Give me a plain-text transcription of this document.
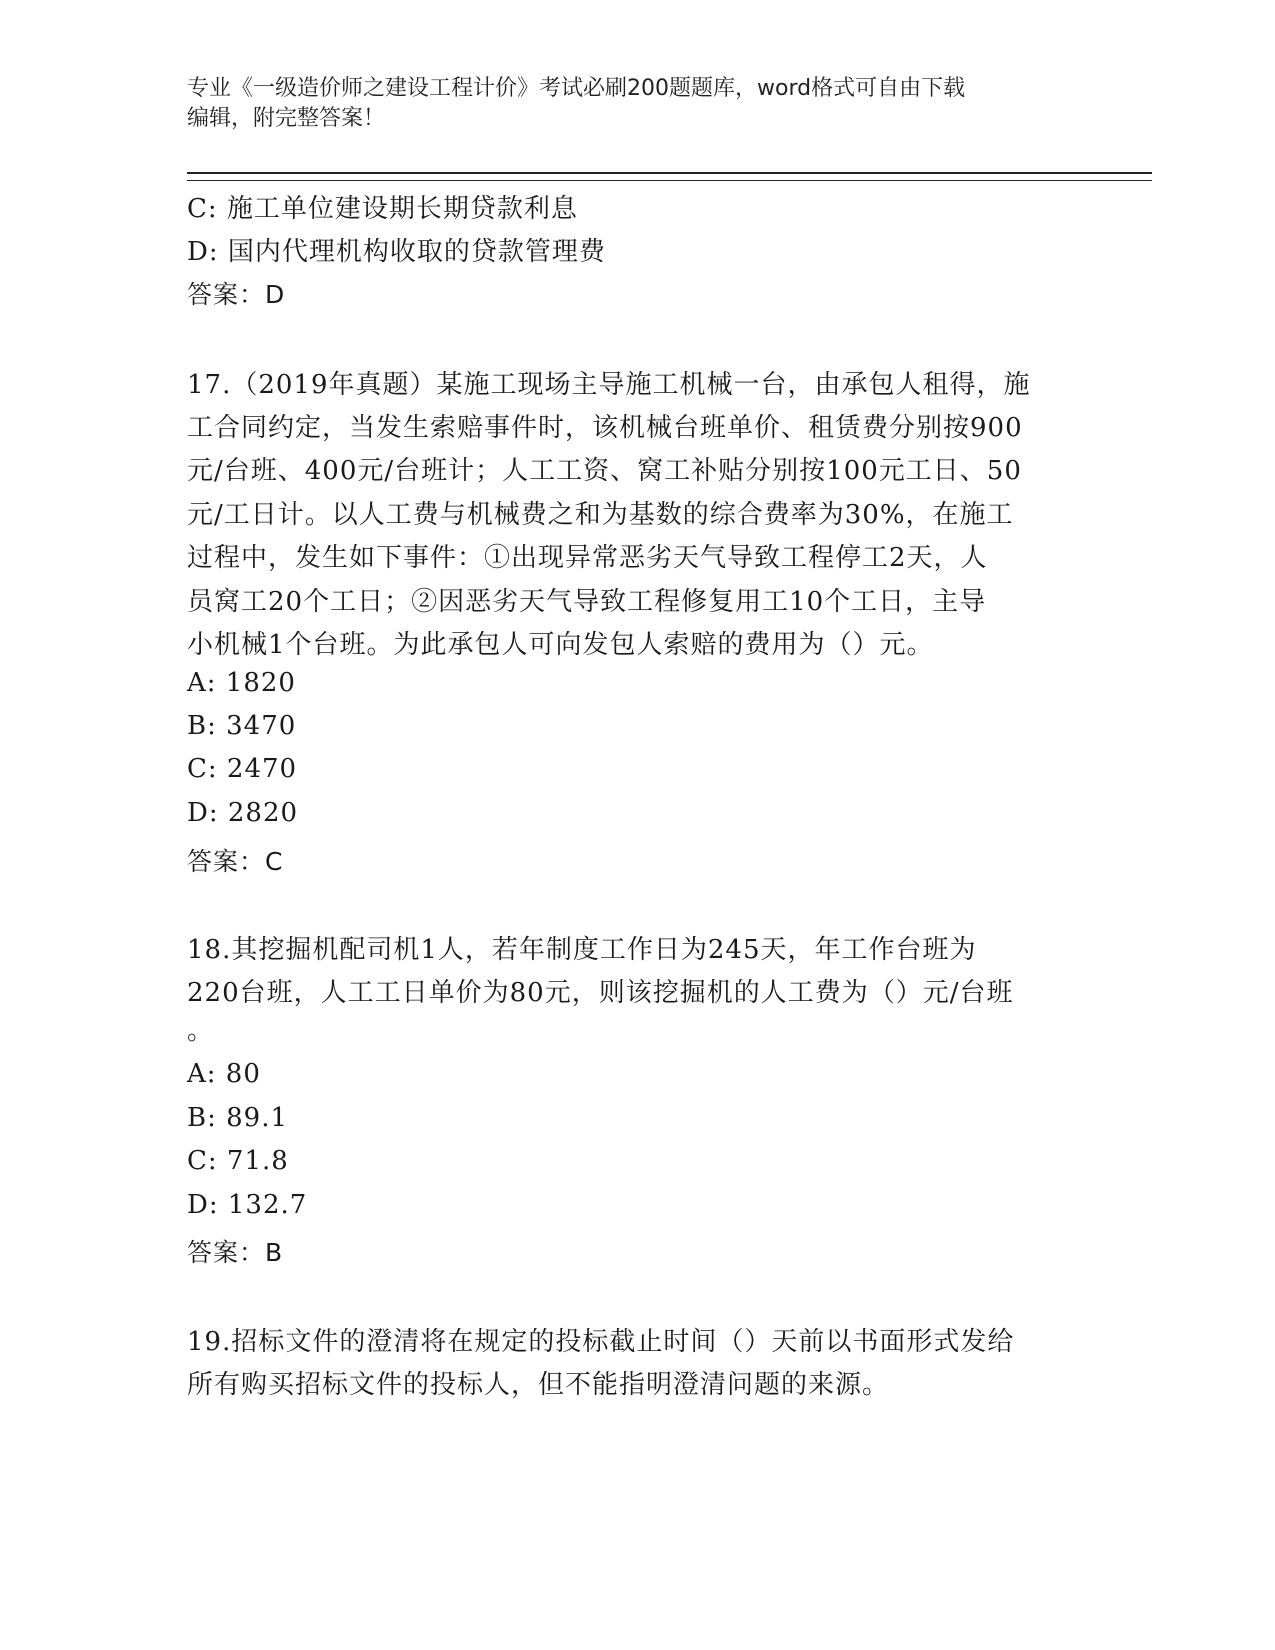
专业《一级造价师之建设工程计价》考试必刷200题题库，word格式可自由下载
编辑，附完整答案！
C: 施工单位建设期长期贷款利息
D: 国内代理机构收取的贷款管理费
答案：D
17.（2019年真题）某施工现场主导施工机械一台，由承包人租得，施
工合同约定，当发生索赔事件时，该机械台班单价、租赁费分别按900
元/台班、400元/台班计；人工工资、窝工补贴分别按100元工日、50
元/工日计。以人工费与机械费之和为基数的综合费率为30%，在施工
过程中，发生如下事件：①出现异常恶劣天气导致工程停工2天，人
员窝工20个工日；②因恶劣天气导致工程修复用工10个工日，主导
小机械1个台班。为此承包人可向发包人索赔的费用为（）元。
A: 1820
B: 3470
C: 2470
D: 2820
答案：C
18.其挖掘机配司机1人，若年制度工作日为245天，年工作台班为
220台班，人工工日单价为80元，则该挖掘机的人工费为（）元/台班
。
A: 80
B: 89.1
C: 71.8
D: 132.7
答案：B
19.招标文件的澄清将在规定的投标截止时间（）天前以书面形式发给
所有购买招标文件的投标人，但不能指明澄清问题的来源。
